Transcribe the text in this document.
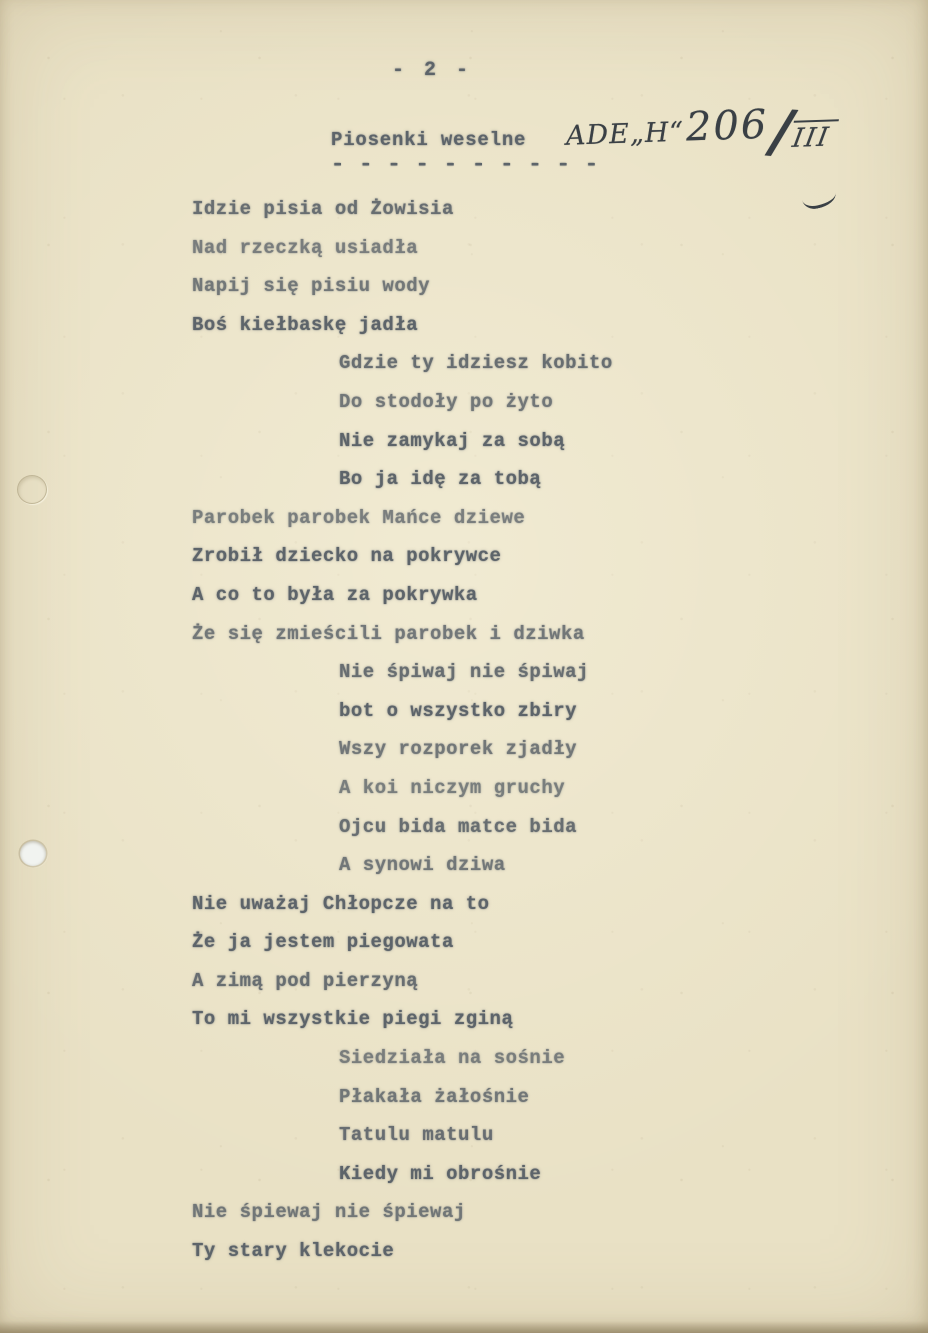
- 2 -
Piosenki weselne
- - - - - - - - - -
ADE„H“206/III
Idzie pisia od Żowisia
Nad rzeczką usiadła
Napij się pisiu wody
Boś kiełbaskę jadła
Gdzie ty idziesz kobito
Do stodoły po żyto
Nie zamykaj za sobą
Bo ja idę za tobą
Parobek parobek Mańce dziewe
Zrobił dziecko na pokrywce
A co to była za pokrywka
Że się zmieścili parobek i dziwka
Nie śpiwaj nie śpiwaj
bot o wszystko zbiry
Wszy rozporek zjadły
A koi niczym gruchy
Ojcu bida matce bida
A synowi dziwa
Nie uważaj Chłopcze na to
Że ja jestem piegowata
A zimą pod pierzyną
To mi wszystkie piegi zginą
Siedziała na sośnie
Płakała żałośnie
Tatulu matulu
Kiedy mi obrośnie
Nie śpiewaj nie śpiewaj
Ty stary klekocie
